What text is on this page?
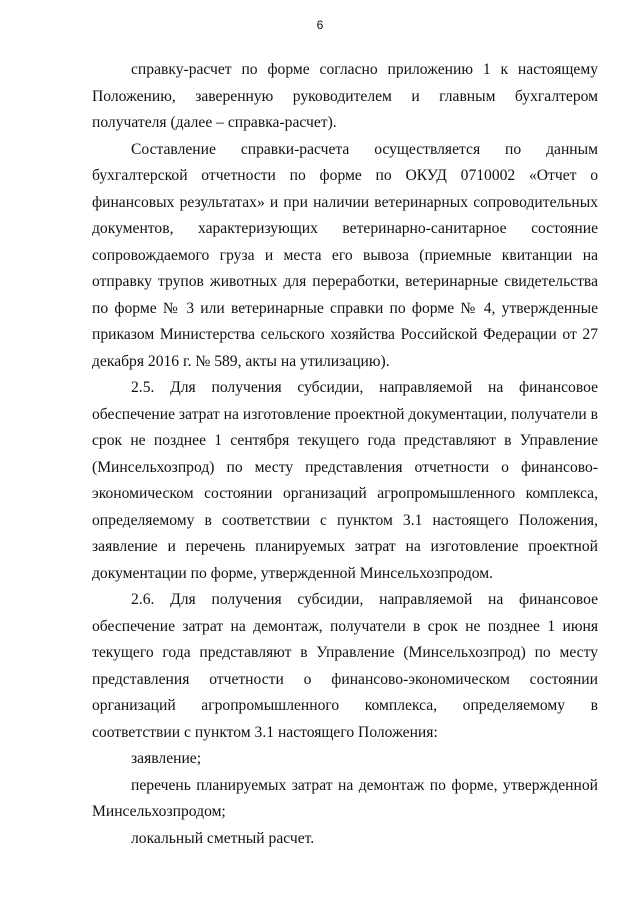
6

справку-расчет по форме согласно приложению 1 к настоящему Положению, заверенную руководителем и главным бухгалтером получателя (далее – справка-расчет).

Составление справки-расчета осуществляется по данным бухгалтерской отчетности по форме по ОКУД 0710002 «Отчет о финансовых результатах» и при наличии ветеринарных сопроводительных документов, характеризующих ветеринарно-санитарное состояние сопровождаемого груза и места его вывоза (приемные квитанции на отправку трупов животных для переработки, ветеринарные свидетельства по форме № 3 или ветеринарные справки по форме № 4, утвержденные приказом Министерства сельского хозяйства Российской Федерации от 27 декабря 2016 г. № 589, акты на утилизацию).

2.5. Для получения субсидии, направляемой на финансовое обеспечение затрат на изготовление проектной документации, получатели в срок не позднее 1 сентября текущего года представляют в Управление (Минсельхозпрод) по месту представления отчетности о финансово-экономическом состоянии организаций агропромышленного комплекса, определяемому в соответствии с пунктом 3.1 настоящего Положения, заявление и перечень планируемых затрат на изготовление проектной документации по форме, утвержденной Минсельхозпродом.

2.6. Для получения субсидии, направляемой на финансовое обеспечение затрат на демонтаж, получатели в срок не позднее 1 июня текущего года представляют в Управление (Минсельхозпрод) по месту представления отчетности о финансово-экономическом состоянии организаций агропромышленного комплекса, определяемому в соответствии с пунктом 3.1 настоящего Положения:

заявление;

перечень планируемых затрат на демонтаж по форме, утвержденной Минсельхозпродом;

локальный сметный расчет.
